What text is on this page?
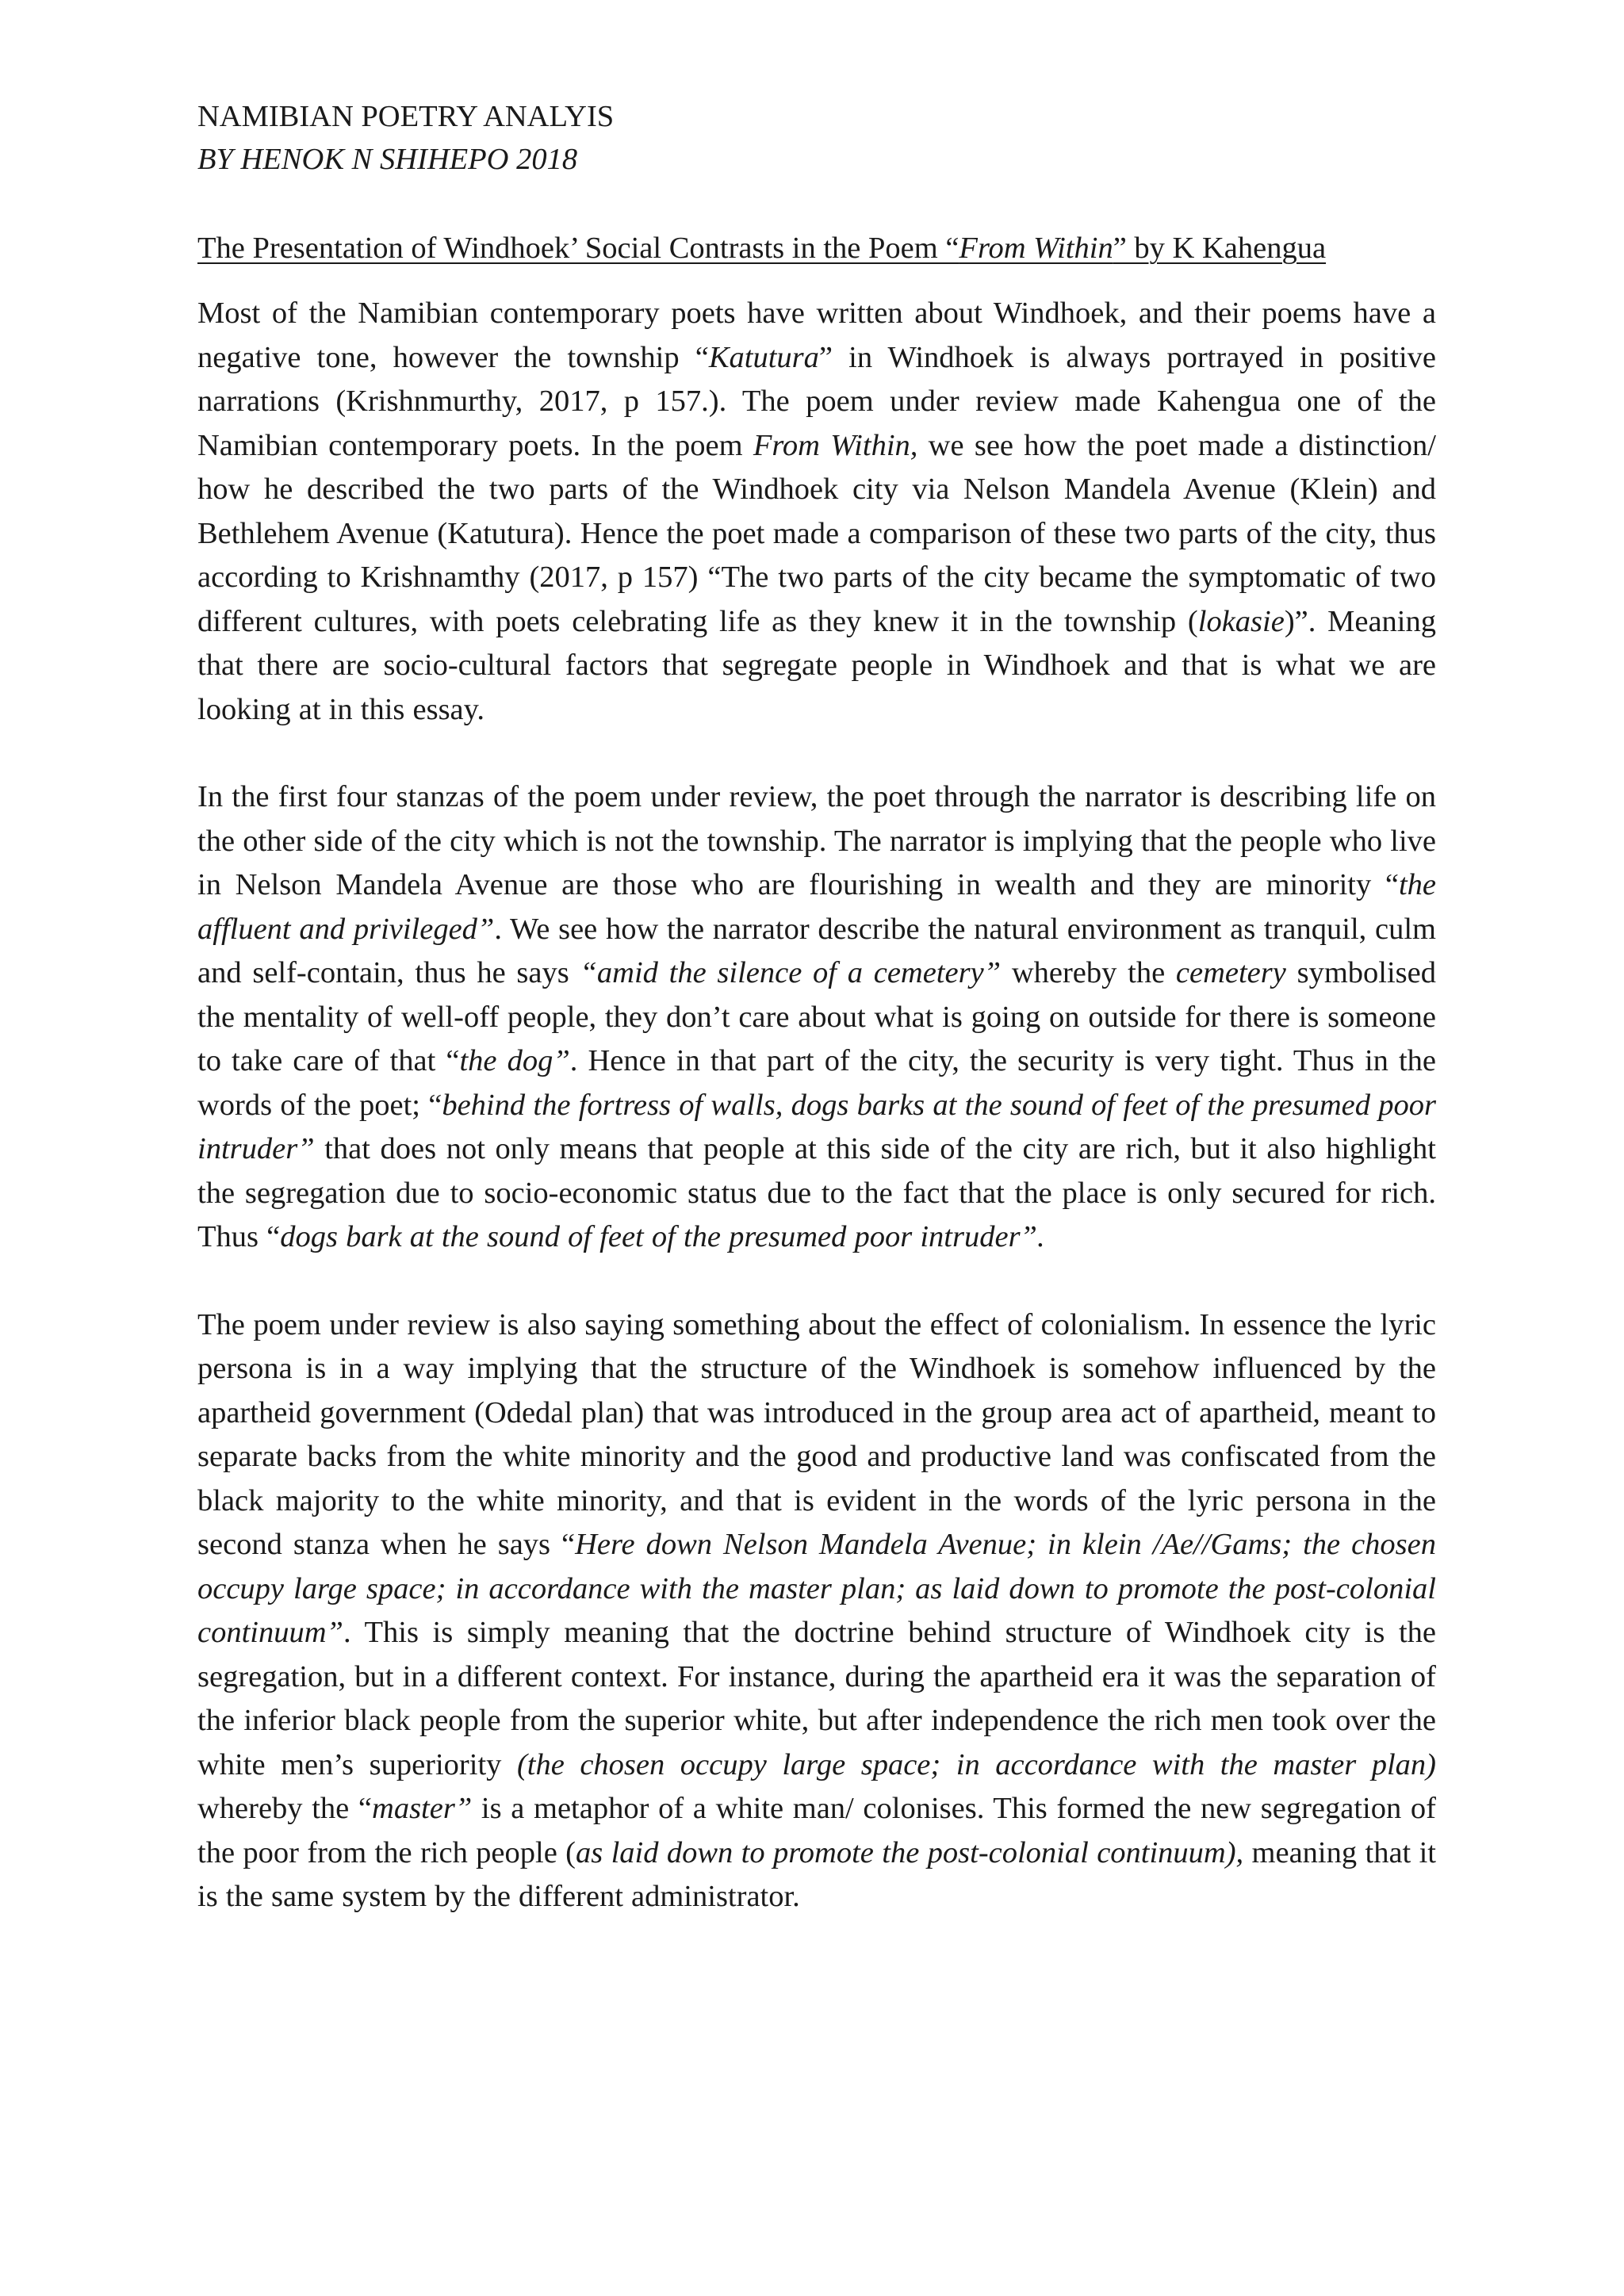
NAMIBIAN POETRY ANALYIS

BY HENOK N SHIHEPO 2018

The Presentation of Windhoek’ Social Contrasts in the Poem “From Within” by K Kahengua

Most of the Namibian contemporary poets have written about Windhoek, and their poems have a negative tone, however the township “Katutura” in Windhoek is always portrayed in positive narrations (Krishnmurthy, 2017, p 157.). The poem under review made Kahengua one of the Namibian contemporary poets. In the poem From Within, we see how the poet made a distinction/ how he described the two parts of the Windhoek city via Nelson Mandela Avenue (Klein) and Bethlehem Avenue (Katutura). Hence the poet made a comparison of these two parts of the city, thus according to Krishnamthy (2017, p 157) “The two parts of the city became the symptomatic of two different cultures, with poets celebrating life as they knew it in the township (lokasie)”. Meaning that there are socio-cultural factors that segregate people in Windhoek and that is what we are looking at in this essay.

In the first four stanzas of the poem under review, the poet through the narrator is describing life on the other side of the city which is not the township. The narrator is implying that the people who live in Nelson Mandela Avenue are those who are flourishing in wealth and they are minority “the affluent and privileged”. We see how the narrator describe the natural environment as tranquil, culm and self-contain, thus he says “amid the silence of a cemetery” whereby the cemetery symbolised the mentality of well-off people, they don’t care about what is going on outside for there is someone to take care of that “the dog”. Hence in that part of the city, the security is very tight. Thus in the words of the poet; “behind the fortress of walls, dogs barks at the sound of feet of the presumed poor intruder” that does not only means that people at this side of the city are rich, but it also highlight the segregation due to socio-economic status due to the fact that the place is only secured for rich. Thus “dogs bark at the sound of feet of the presumed poor intruder”.

The poem under review is also saying something about the effect of colonialism. In essence the lyric persona is in a way implying that the structure of the Windhoek is somehow influenced by the apartheid government (Odedal plan) that was introduced in the group area act of apartheid, meant to separate backs from the white minority and the good and productive land was confiscated from the black majority to the white minority, and that is evident in the words of the lyric persona in the second stanza when he says “Here down Nelson Mandela Avenue; in klein /Ae//Gams; the chosen occupy large space; in accordance with the master plan; as laid down to promote the post-colonial continuum”. This is simply meaning that the doctrine behind structure of Windhoek city is the segregation, but in a different context. For instance, during the apartheid era it was the separation of the inferior black people from the superior white, but after independence the rich men took over the white men’s superiority (the chosen occupy large space; in accordance with the master plan) whereby the “master” is a metaphor of a white man/ colonises. This formed the new segregation of the poor from the rich people (as laid down to promote the post-colonial continuum), meaning that it is the same system by the different administrator.
